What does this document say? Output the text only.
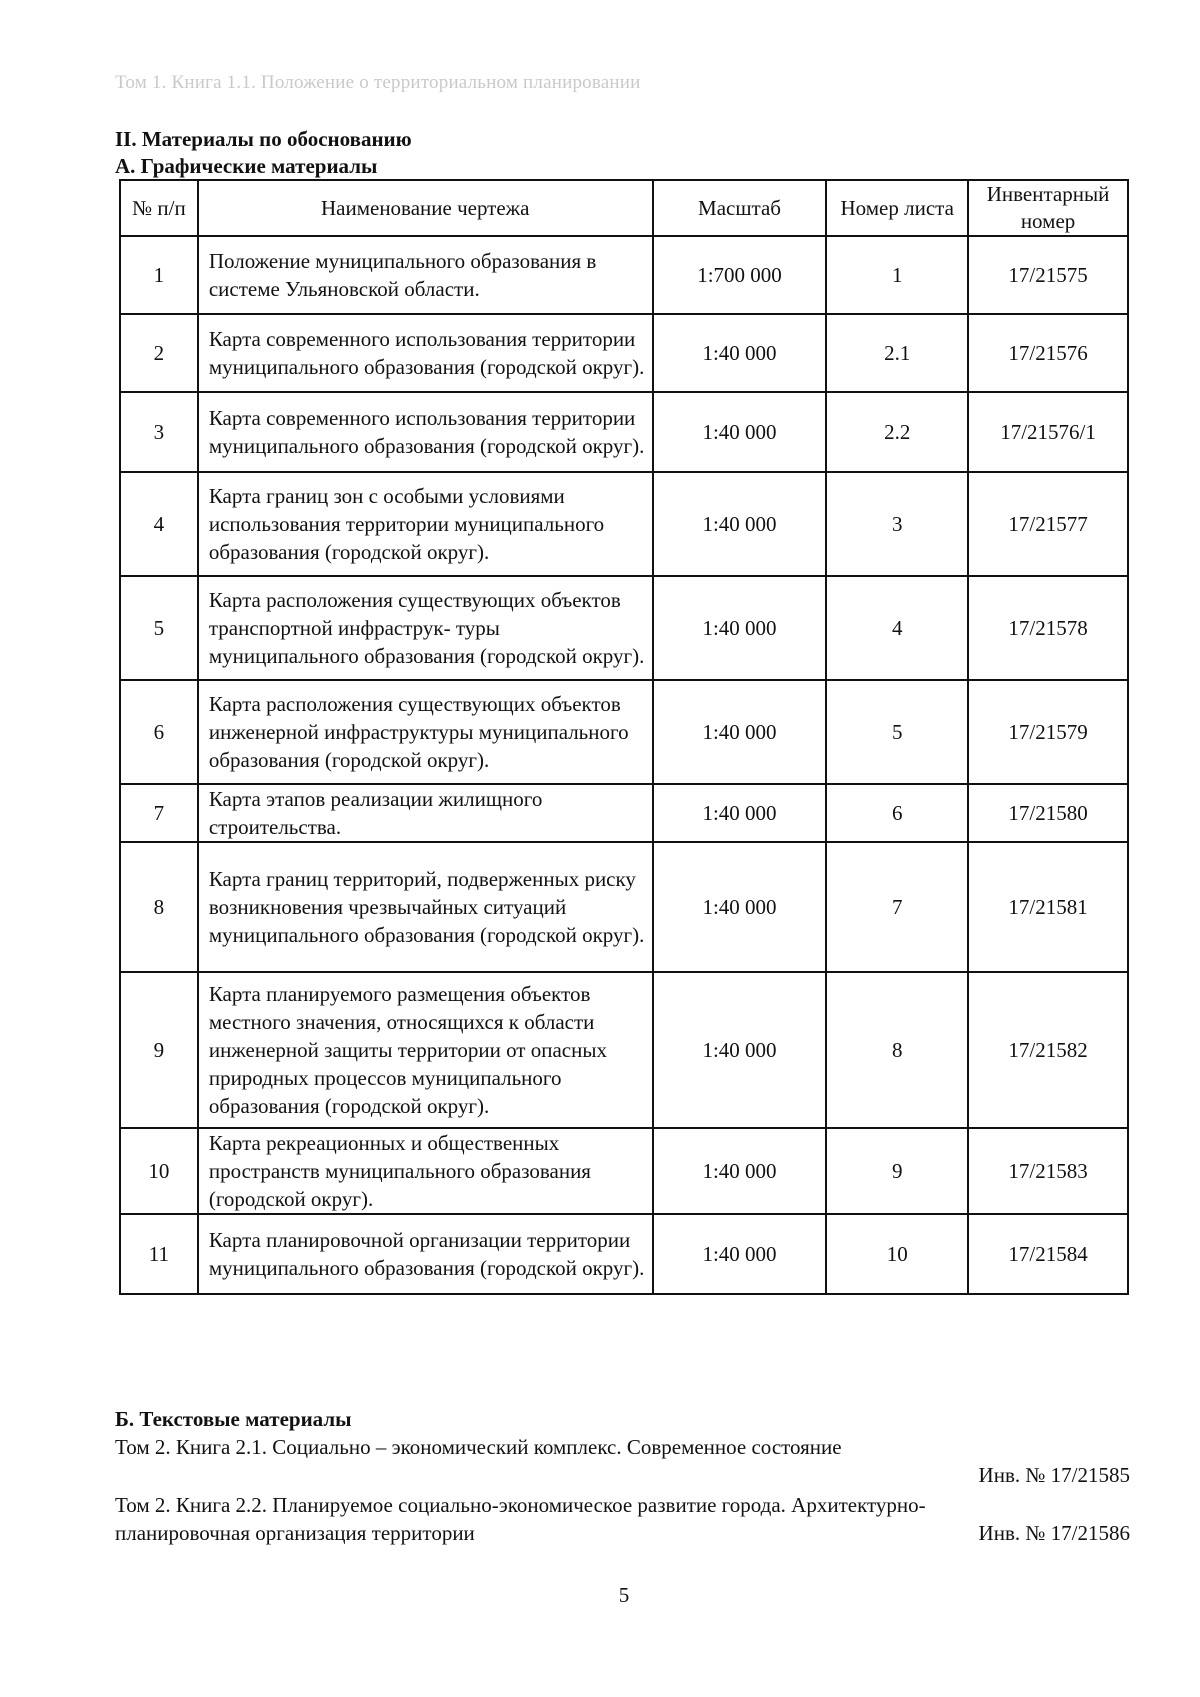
Том 1. Книга 1.1. Положение о территориальном планировании
II. Материалы по обоснованию
А. Графические материалы
№ п/п	Наименование чертежа	Масштаб	Номер листа	Инвентарный номер
1	Положение муниципального образования в системе Ульяновской области.	1:700 000	1	17/21575
2	Карта современного использования территории муниципального образования (городской округ).	1:40 000	2.1	17/21576
3	Карта современного использования территории муниципального образования (городской округ).	1:40 000	2.2	17/21576/1
4	Карта границ зон с особыми условиями использования территории муниципального образования (городской округ).	1:40 000	3	17/21577
5	Карта расположения существующих объектов транспортной инфраструк- туры муниципального образования (городской округ).	1:40 000	4	17/21578
6	Карта расположения существующих объектов инженерной инфраструктуры муниципального образования (городской округ).	1:40 000	5	17/21579
7	Карта этапов реализации жилищного строительства.	1:40 000	6	17/21580
8	Карта границ территорий, подверженных риску возникновения чрезвычайных ситуаций муниципального образования (городской округ).	1:40 000	7	17/21581
9	Карта планируемого размещения объектов местного значения, относящихся к области инженерной защиты территории от опасных природных процессов муниципального образования (городской округ).	1:40 000	8	17/21582
10	Карта рекреационных и общественных пространств муниципального образования (городской округ).	1:40 000	9	17/21583
11	Карта планировочной организации территории муниципального образования (городской округ).	1:40 000	10	17/21584
Б. Текстовые материалы
Том 2. Книга 2.1. Социально – экономический комплекс. Современное состояние
Инв. № 17/21585
Том 2. Книга 2.2. Планируемое социально-экономическое развитие города. Архитектурно-
планировочная организация территории	Инв. № 17/21586
5
